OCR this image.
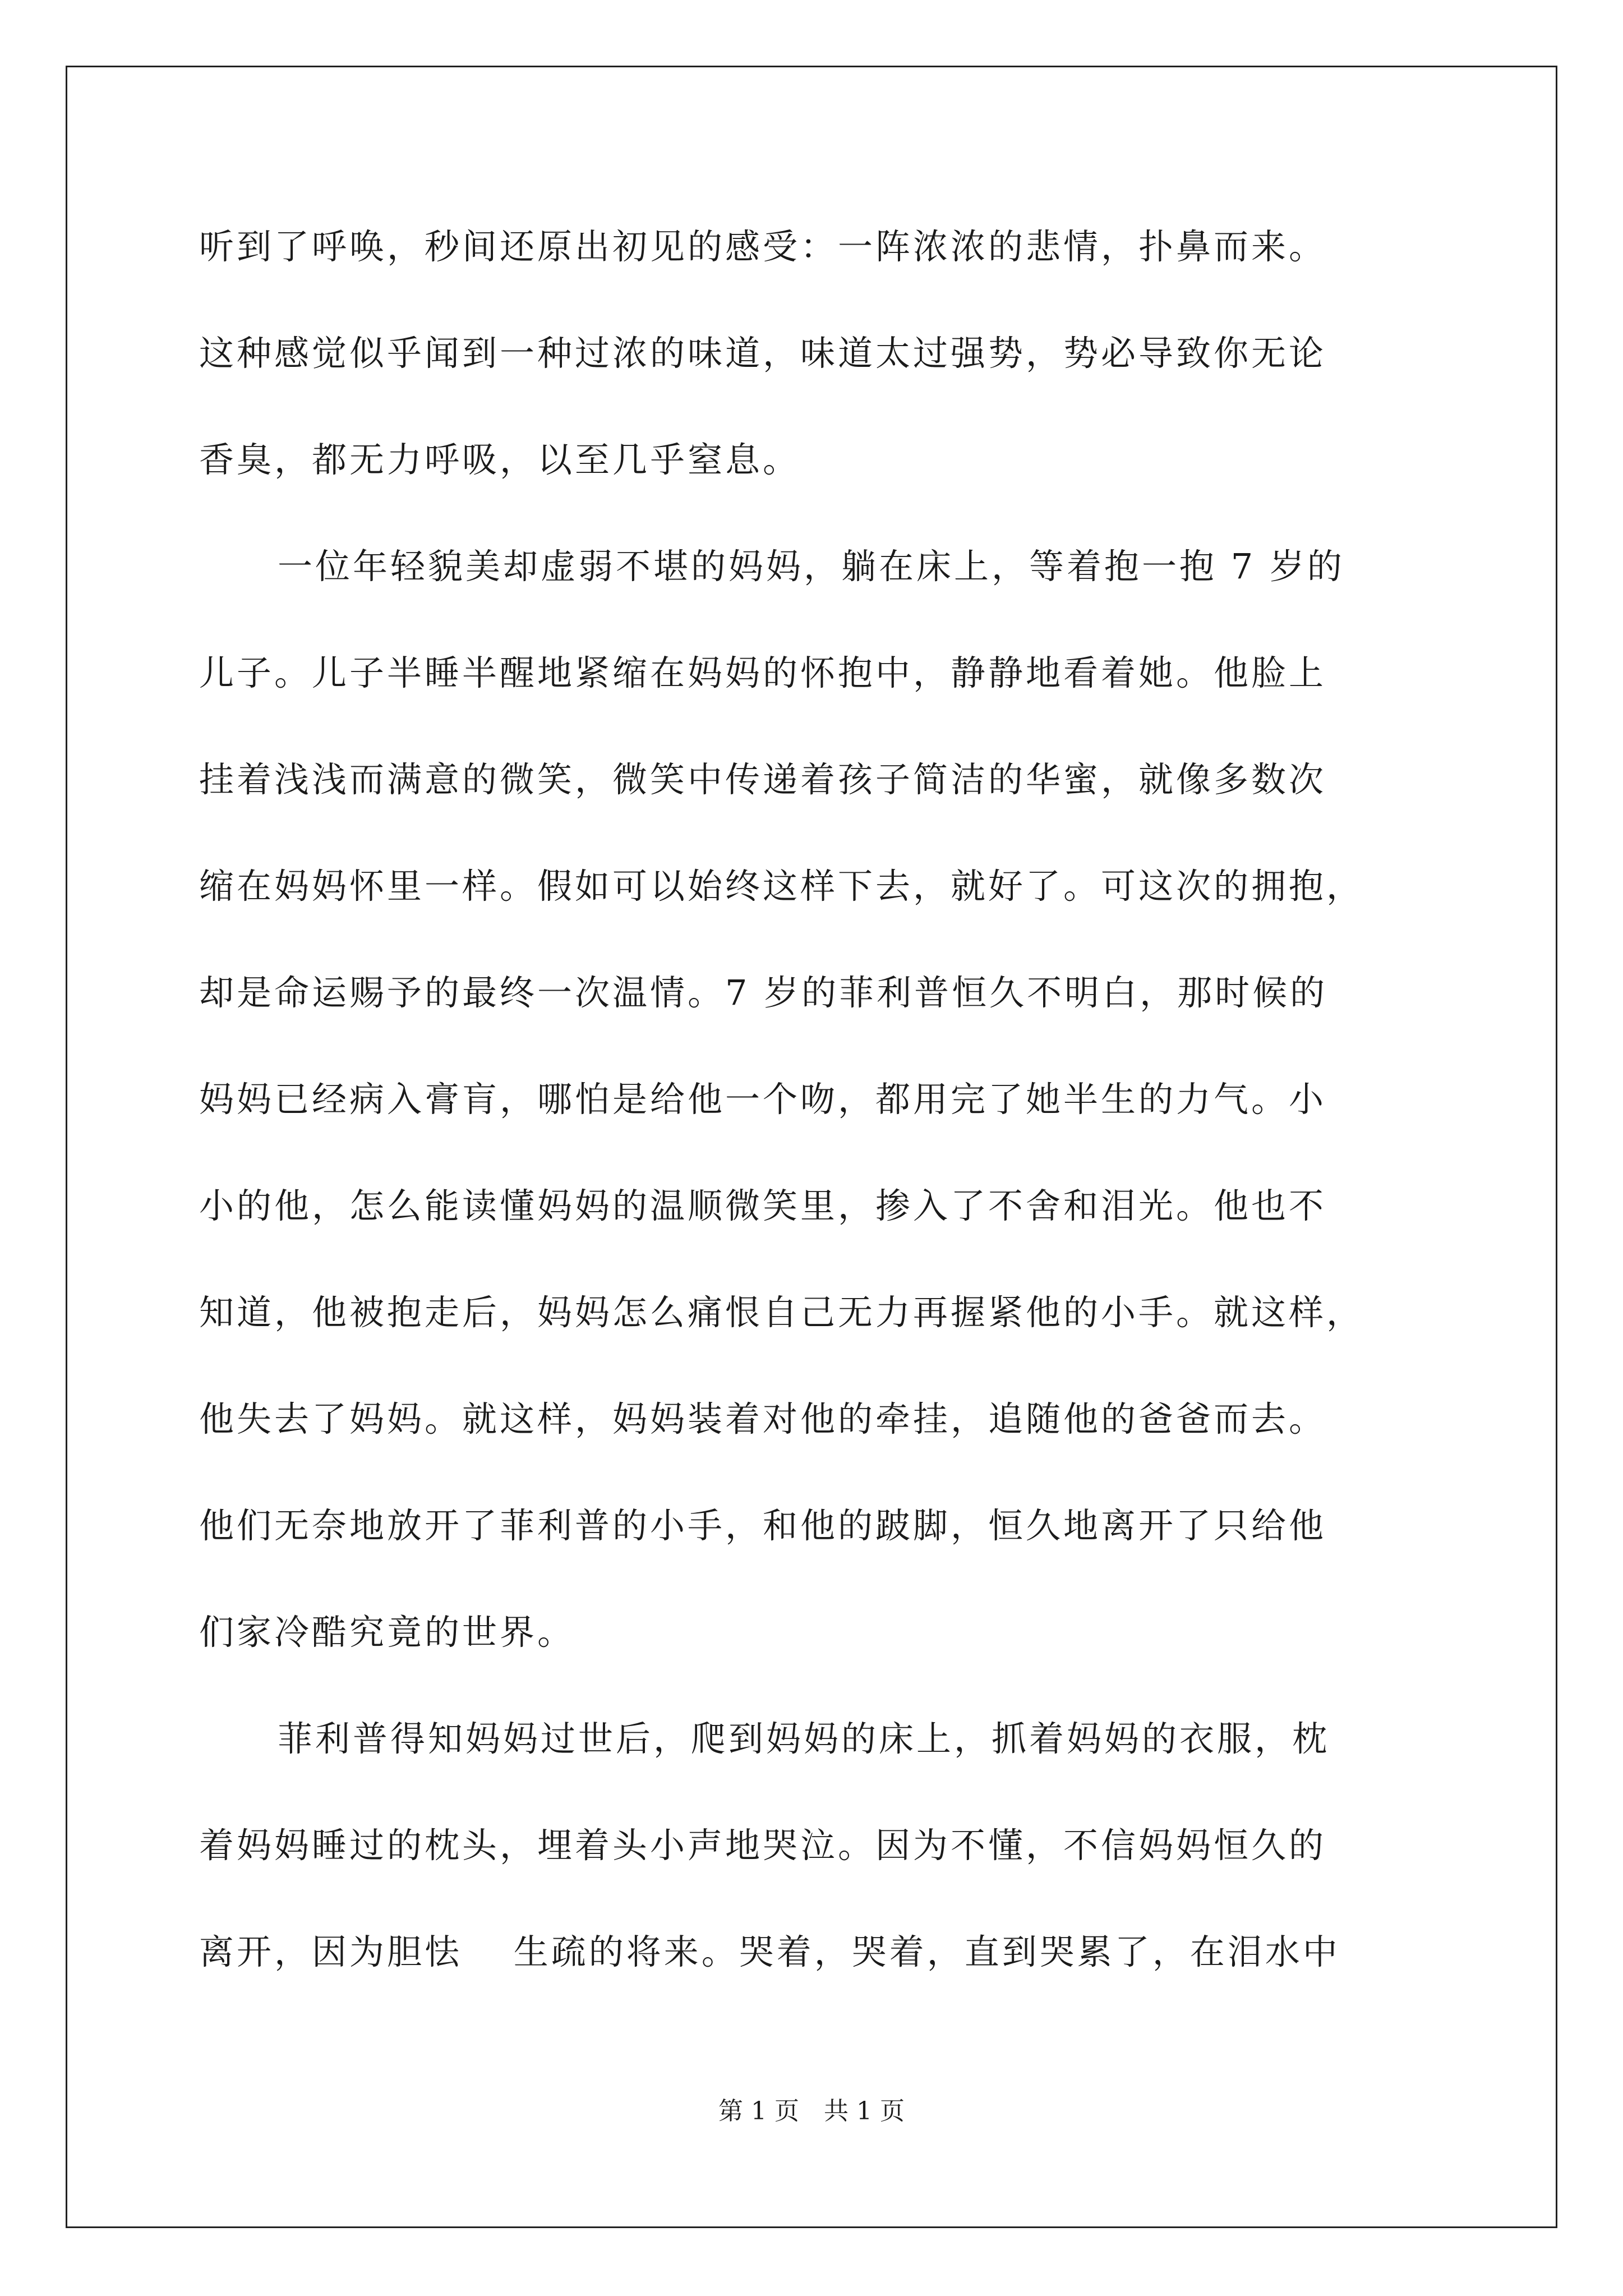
听到了呼唤，秒间还原出初见的感受：一阵浓浓的悲情，扑鼻而来。
这种感觉似乎闻到一种过浓的味道，味道太过强势，势必导致你无论
香臭，都无力呼吸，以至几乎窒息。
一位年轻貌美却虚弱不堪的妈妈，躺在床上，等着抱一抱 7 岁的
儿子。儿子半睡半醒地紧缩在妈妈的怀抱中，静静地看着她。他脸上
挂着浅浅而满意的微笑，微笑中传递着孩子简洁的华蜜，就像多数次
缩在妈妈怀里一样。假如可以始终这样下去，就好了。可这次的拥抱，
却是命运赐予的最终一次温情。7 岁的菲利普恒久不明白，那时候的
妈妈已经病入膏肓，哪怕是给他一个吻，都用完了她半生的力气。小
小的他，怎么能读懂妈妈的温顺微笑里，掺入了不舍和泪光。他也不
知道，他被抱走后，妈妈怎么痛恨自己无力再握紧他的小手。就这样，
他失去了妈妈。就这样，妈妈装着对他的牵挂，追随他的爸爸而去。
他们无奈地放开了菲利普的小手，和他的跛脚，恒久地离开了只给他
们家冷酷究竟的世界。
菲利普得知妈妈过世后，爬到妈妈的床上，抓着妈妈的衣服，枕
着妈妈睡过的枕头，埋着头小声地哭泣。因为不懂，不信妈妈恒久的
离开，因为胆怯　 生疏的将来。哭着，哭着，直到哭累了，在泪水中
第 1 页　共 1 页
